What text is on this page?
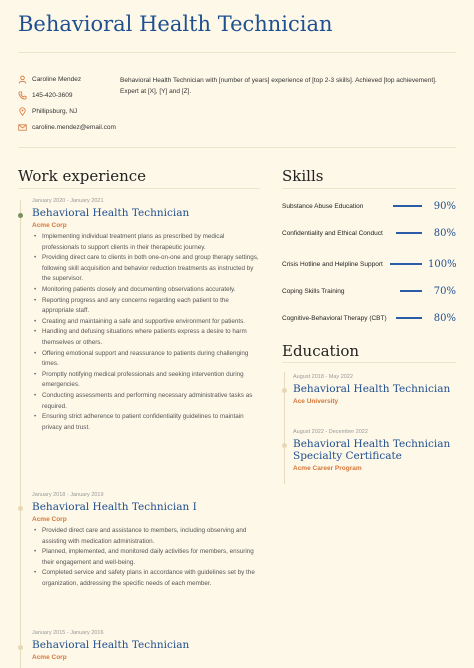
Behavioral Health Technician
Caroline Mendez
145-420-3609
Phillipsburg, NJ
caroline.mendez@email.com
Behavioral Health Technician with [number of years] experience of [top 2-3 skills]. Achieved [top achievement]. Expert at [X], [Y] and [Z].
Work experience
January 2020 - January 2021
Behavioral Health Technician
Acme Corp
• Implementing individual treatment plans as prescribed by medical professionals to support clients in their therapeutic journey.
• Providing direct care to clients in both one-on-one and group therapy settings, following skill acquisition and behavior reduction treatments as instructed by the supervisor.
• Monitoring patients closely and documenting observations accurately.
• Reporting progress and any concerns regarding each patient to the appropriate staff.
• Creating and maintaining a safe and supportive environment for patients.
• Handling and defusing situations where patients express a desire to harm themselves or others.
• Offering emotional support and reassurance to patients during challenging times.
• Promptly notifying medical professionals and seeking intervention during emergencies.
• Conducting assessments and performing necessary administrative tasks as required.
• Ensuring strict adherence to patient confidentiality guidelines to maintain privacy and trust.
January 2018 - January 2019
Behavioral Health Technician I
Acme Corp
• Provided direct care and assistance to members, including observing and assisting with medication administration.
• Planned, implemented, and monitored daily activities for members, ensuring their engagement and well-being.
• Completed service and safety plans in accordance with guidelines set by the organization, addressing the specific needs of each member.
January 2015 - January 2016
Behavioral Health Technician
Acme Corp
Skills
Substance Abuse Education	90%
Confidentiality and Ethical Conduct	80%
Crisis Hotline and Helpline Support	100%
Coping Skills Training	70%
Cognitive-Behavioral Therapy (CBT)	80%
Education
August 2018 - May 2022
Behavioral Health Technician
Ace University
August 2022 - December 2022
Behavioral Health Technician Specialty Certificate
Acme Career Program
